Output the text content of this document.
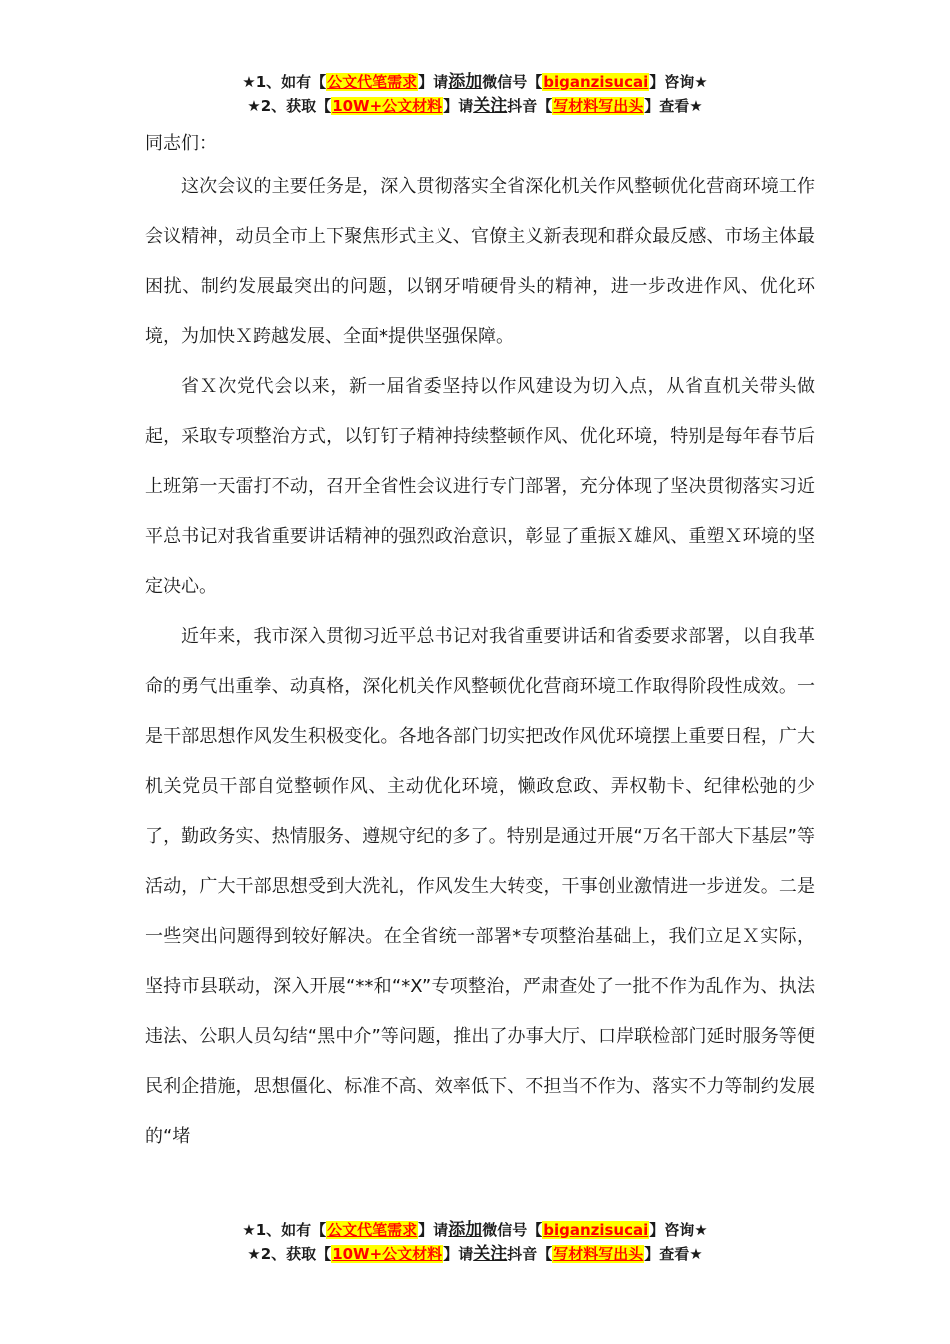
★1、如有【公文代笔需求】请添加微信号【biganzisucai】咨询★
★2、获取【10W+公文材料】请关注抖音【写材料写出头】查看★

同志们：

这次会议的主要任务是，深入贯彻落实全省深化机关作风整顿优化营商环境工作会议精神，动员全市上下聚焦形式主义、官僚主义新表现和群众最反感、市场主体最困扰、制约发展最突出的问题，以钢牙啃硬骨头的精神，进一步改进作风、优化环境，为加快Ｘ跨越发展、全面*提供坚强保障。

省Ｘ次党代会以来，新一届省委坚持以作风建设为切入点，从省直机关带头做起，采取专项整治方式，以钉钉子精神持续整顿作风、优化环境，特别是每年春节后上班第一天雷打不动，召开全省性会议进行专门部署，充分体现了坚决贯彻落实习近平总书记对我省重要讲话精神的强烈政治意识，彰显了重振Ｘ雄风、重塑Ｘ环境的坚定决心。

近年来，我市深入贯彻习近平总书记对我省重要讲话和省委要求部署，以自我革命的勇气出重拳、动真格，深化机关作风整顿优化营商环境工作取得阶段性成效。一是干部思想作风发生积极变化。各地各部门切实把改作风优环境摆上重要日程，广大机关党员干部自觉整顿作风、主动优化环境，懒政怠政、弄权勒卡、纪律松弛的少了，勤政务实、热情服务、遵规守纪的多了。特别是通过开展“万名干部大下基层”等活动，广大干部思想受到大洗礼，作风发生大转变，干事创业激情进一步迸发。二是一些突出问题得到较好解决。在全省统一部署*专项整治基础上，我们立足Ｘ实际，坚持市县联动，深入开展“**和“*X”专项整治，严肃查处了一批不作为乱作为、执法违法、公职人员勾结“黑中介”等问题，推出了办事大厅、口岸联检部门延时服务等便民利企措施，思想僵化、标准不高、效率低下、不担当不作为、落实不力等制约发展的“堵

★1、如有【公文代笔需求】请添加微信号【biganzisucai】咨询★
★2、获取【10W+公文材料】请关注抖音【写材料写出头】查看★
